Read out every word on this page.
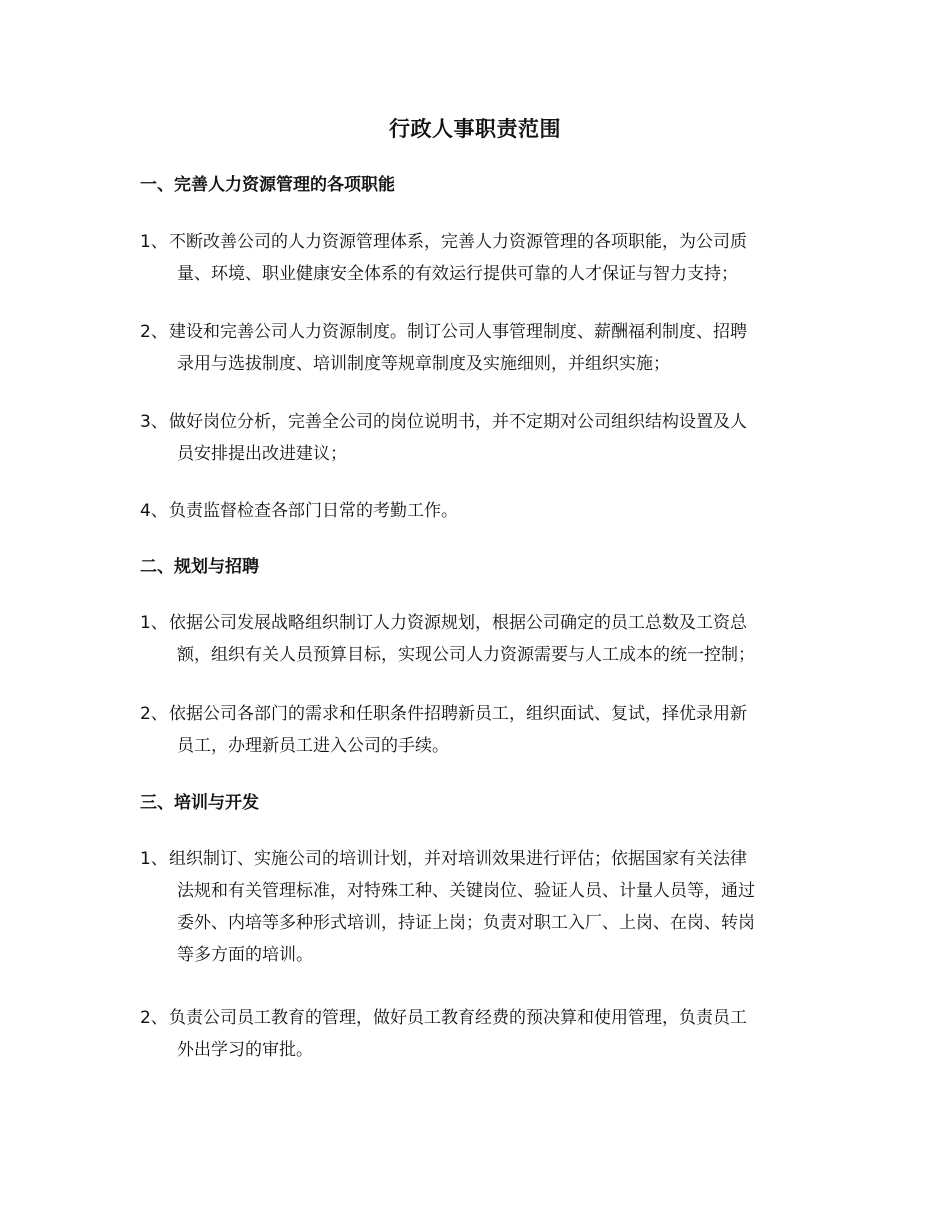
行政人事职责范围
一、完善人力资源管理的各项职能
1、 不断改善公司的人力资源管理体系，完善人力资源管理的各项职能，为公司质
量、环境、职业健康安全体系的有效运行提供可靠的人才保证与智力支持；
2、 建设和完善公司人力资源制度。制订公司人事管理制度、薪酬福利制度、招聘
录用与选拔制度、培训制度等规章制度及实施细则，并组织实施；
3、 做好岗位分析，完善全公司的岗位说明书，并不定期对公司组织结构设置及人
员安排提出改进建议；
4、 负责监督检查各部门日常的考勤工作。
二、规划与招聘
1、 依据公司发展战略组织制订人力资源规划，根据公司确定的员工总数及工资总
额，组织有关人员预算目标，实现公司人力资源需要与人工成本的统一控制；
2、 依据公司各部门的需求和任职条件招聘新员工，组织面试、复试，择优录用新
员工，办理新员工进入公司的手续。
三、培训与开发
1、 组织制订、实施公司的培训计划，并对培训效果进行评估；依据国家有关法律
法规和有关管理标准，对特殊工种、关键岗位、验证人员、计量人员等，通过
委外、内培等多种形式培训，持证上岗；负责对职工入厂、上岗、在岗、转岗
等多方面的培训。
2、 负责公司员工教育的管理，做好员工教育经费的预决算和使用管理，负责员工
外出学习的审批。
